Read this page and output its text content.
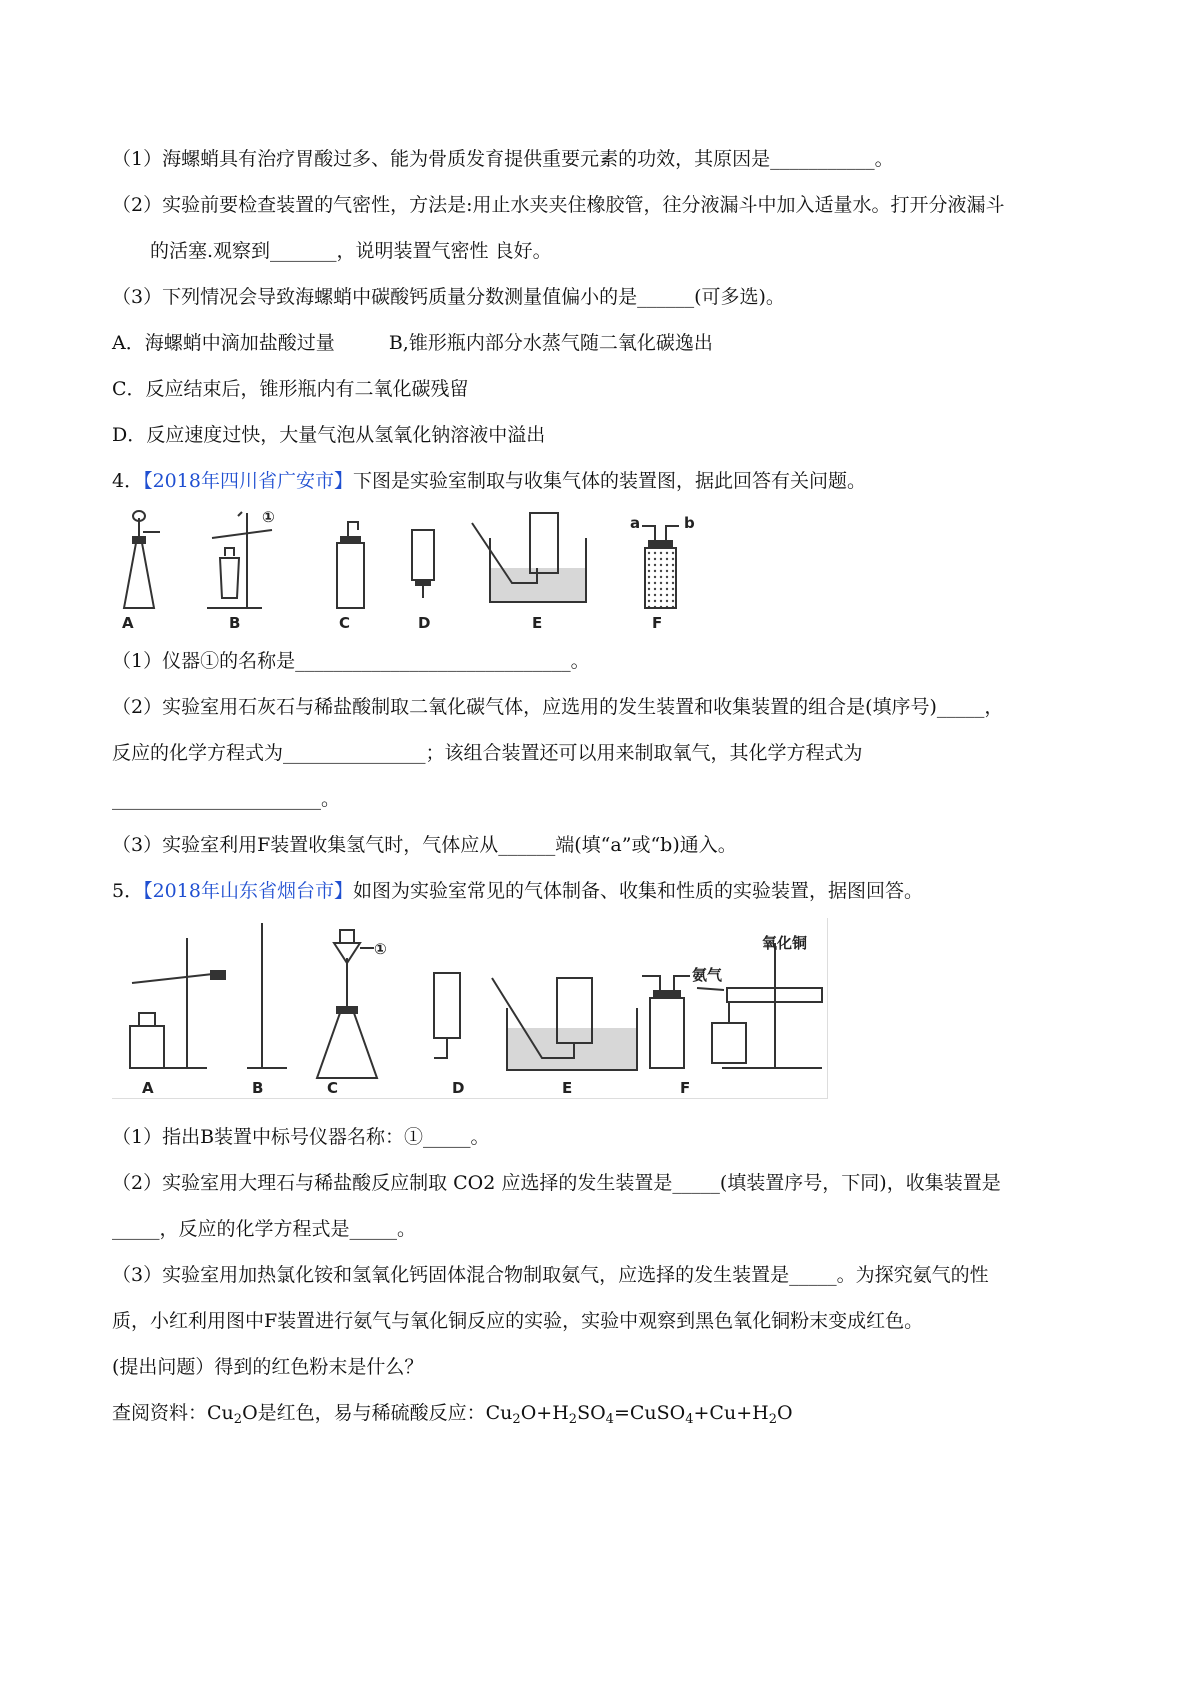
（1）海螺蛸具有治疗胃酸过多、能为骨质发育提供重要元素的功效，其原因是___________。
（2）实验前要检查装置的气密性，方法是:用止水夹夹住橡胶管，往分液漏斗中加入适量水。打开分液漏斗
的活塞.观察到_______，说明装置气密性 良好。
（3）下列情况会导致海螺蛸中碳酸钙质量分数测量值偏小的是______(可多选)。
A．海螺蛸中滴加盐酸过量	B,锥形瓶内部分水蒸气随二氧化碳逸出
C．反应结束后，锥形瓶内有二氧化碳残留
D．反应速度过快，大量气泡从氢氧化钠溶液中溢出
4．【2018年四川省广安市】下图是实验室制取与收集气体的装置图，据此回答有关问题。
①	a	b
A	B	C	D	E	F
（1）仪器①的名称是_____________________________。
（2）实验室用石灰石与稀盐酸制取二氧化碳气体，应选用的发生装置和收集装置的组合是(填序号)_____，
反应的化学方程式为_______________；该组合装置还可以用来制取氧气，其化学方程式为
______________________。
（3）实验室利用F装置收集氢气时，气体应从______端(填“a”或“b)通入。
5．【2018年山东省烟台市】如图为实验室常见的气体制备、收集和性质的实验装置，据图回答。
①
氨气
氧化铜
A	B	C	D	E	F
（1）指出B装置中标号仪器名称：①_____。
（2）实验室用大理石与稀盐酸反应制取 CO2 应选择的发生装置是_____(填装置序号，下同)，收集装置是
_____，反应的化学方程式是_____。
（3）实验室用加热氯化铵和氢氧化钙固体混合物制取氨气，应选择的发生装置是_____。为探究氨气的性
质，小红利用图中F装置进行氨气与氧化铜反应的实验，实验中观察到黑色氧化铜粉末变成红色。
(提出问题）得到的红色粉末是什么？
查阅资料：$Cu_2O$是红色，易与稀硫酸反应：$Cu_2O+H_2SO_4=CuSO_4+Cu+H_2O$
